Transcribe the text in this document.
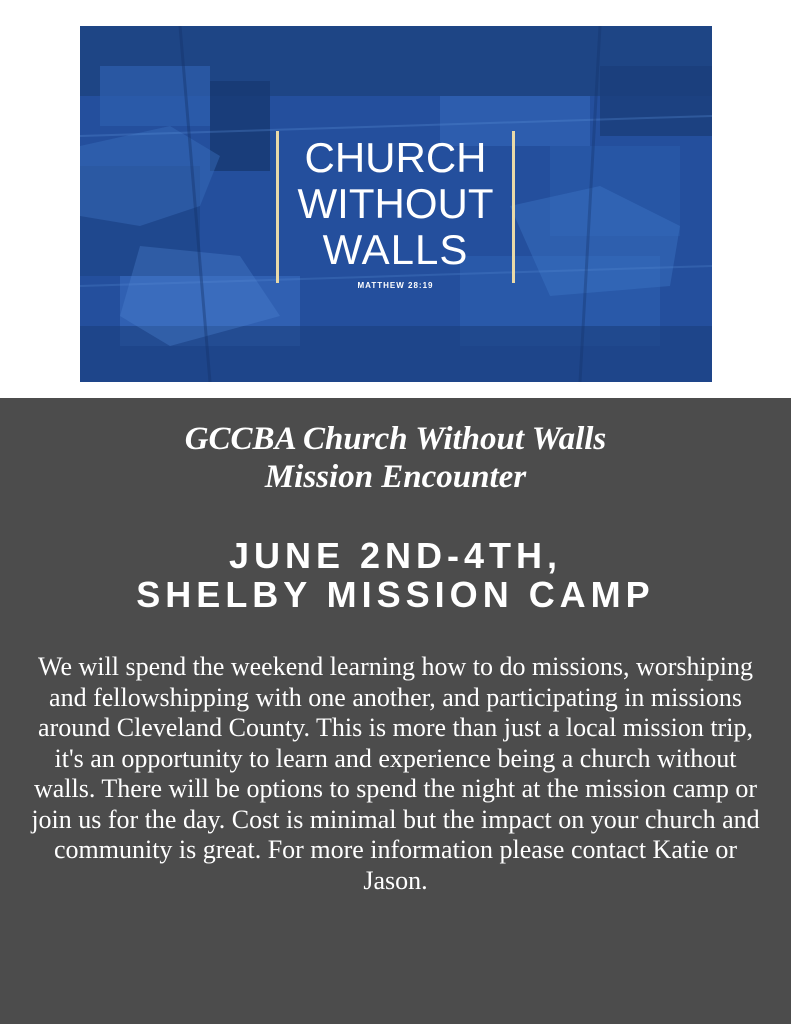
CHURCH
WITHOUT
WALLS
MATTHEW 28:19
GCCBA Church Without Walls
Mission Encounter
JUNE 2ND-4TH,
SHELBY MISSION CAMP

We will spend the weekend learning how to do missions, worshiping and fellowshipping with one another, and participating in missions around Cleveland County. This is more than just a local mission trip, it's an opportunity to learn and experience being a church without walls. There will be options to spend the night at the mission camp or join us for the day. Cost is minimal but the impact on your church and community is great. For more information please contact Katie or Jason.
